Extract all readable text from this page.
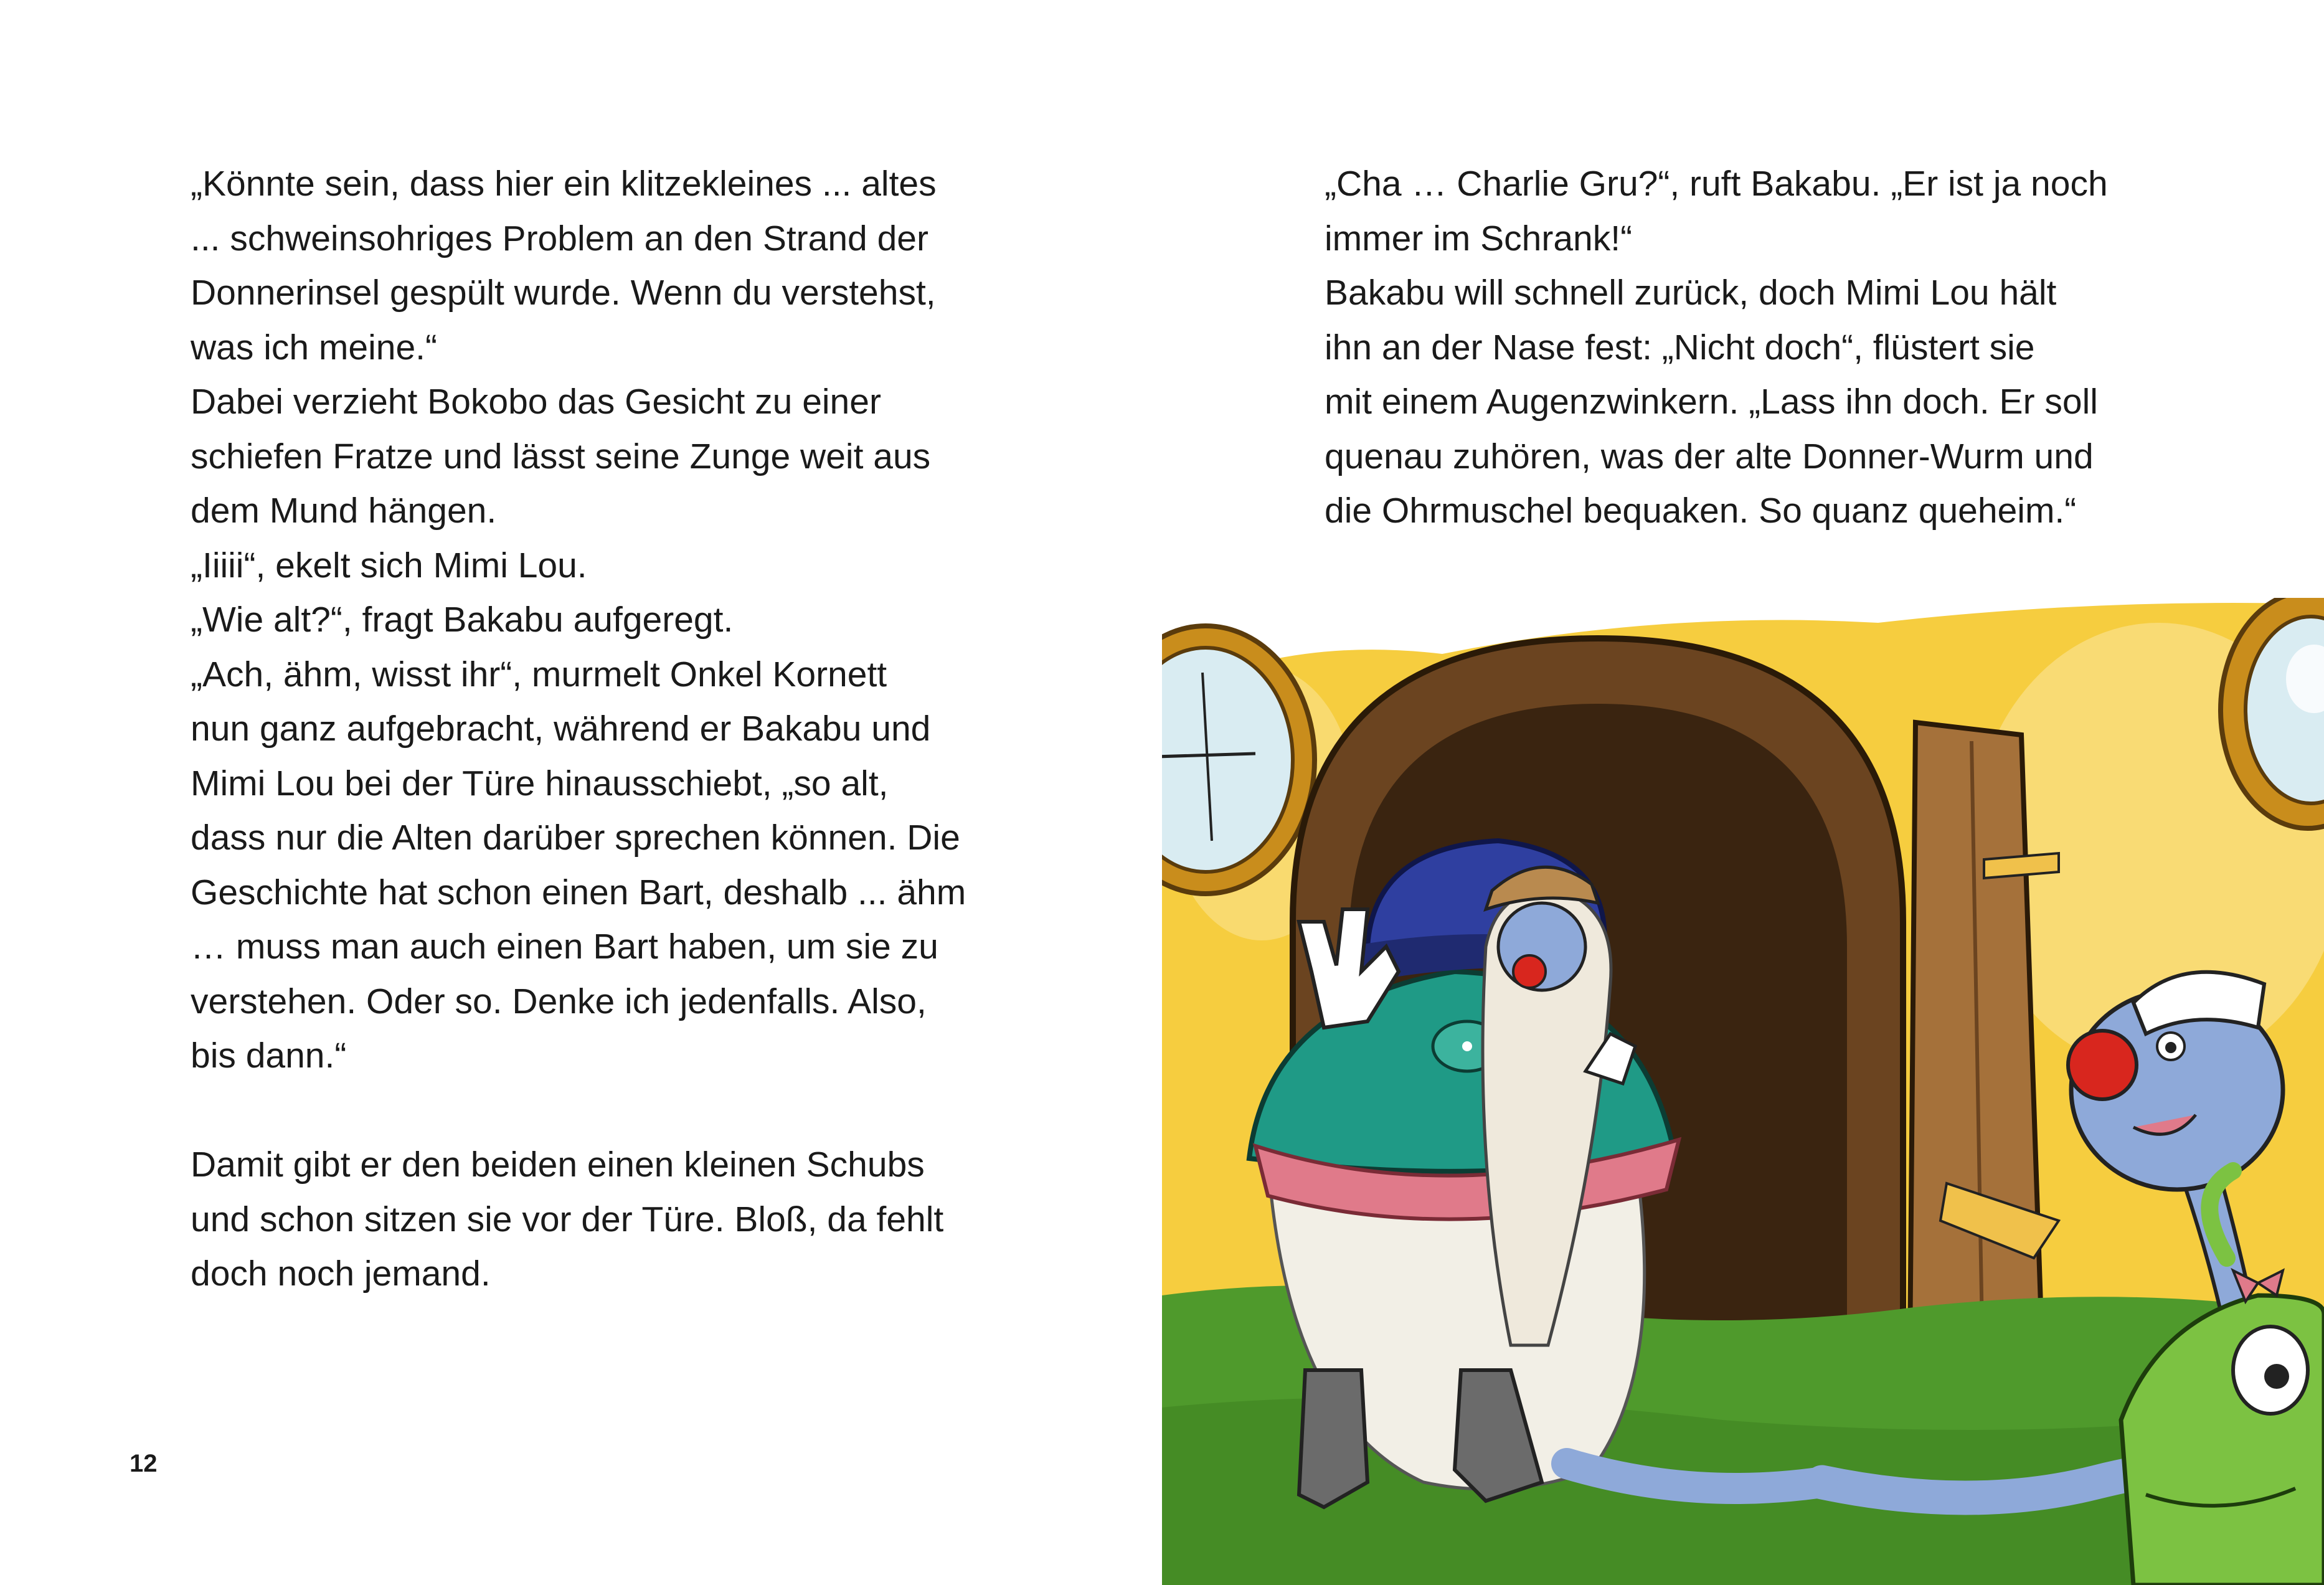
„Könnte sein, dass hier ein klitzekleines ... altes

... schweinsohriges Problem an den Strand der

Donnerinsel gespült wurde. Wenn du verstehst,

was ich meine.“

Dabei verzieht Bokobo das Gesicht zu einer

schiefen Fratze und lässt seine Zunge weit aus

dem Mund hängen.

„Iiiii“, ekelt sich Mimi Lou.

„Wie alt?“, fragt Bakabu aufgeregt.

„Ach, ähm, wisst ihr“, murmelt Onkel Kornett

nun ganz aufgebracht, während er Bakabu und

Mimi Lou bei der Türe hinausschiebt, „so alt,

dass nur die Alten darüber sprechen können. Die

Geschichte hat schon einen Bart, deshalb ... ähm

… muss man auch einen Bart haben, um sie zu

verstehen. Oder so. Denke ich jedenfalls. Also,

bis dann.“

Damit gibt er den beiden einen kleinen Schubs

und schon sitzen sie vor der Türe. Bloß, da fehlt

doch noch jemand.

12

„Cha … Charlie Gru?“, ruft Bakabu. „Er ist ja noch

immer im Schrank!“

Bakabu will schnell zurück, doch Mimi Lou hält

ihn an der Nase fest: „Nicht doch“, flüstert sie

mit einem Augenzwinkern. „Lass ihn doch. Er soll

quenau zuhören, was der alte Donner-Wurm und

die Ohrmuschel bequaken. So quanz queheim.“
